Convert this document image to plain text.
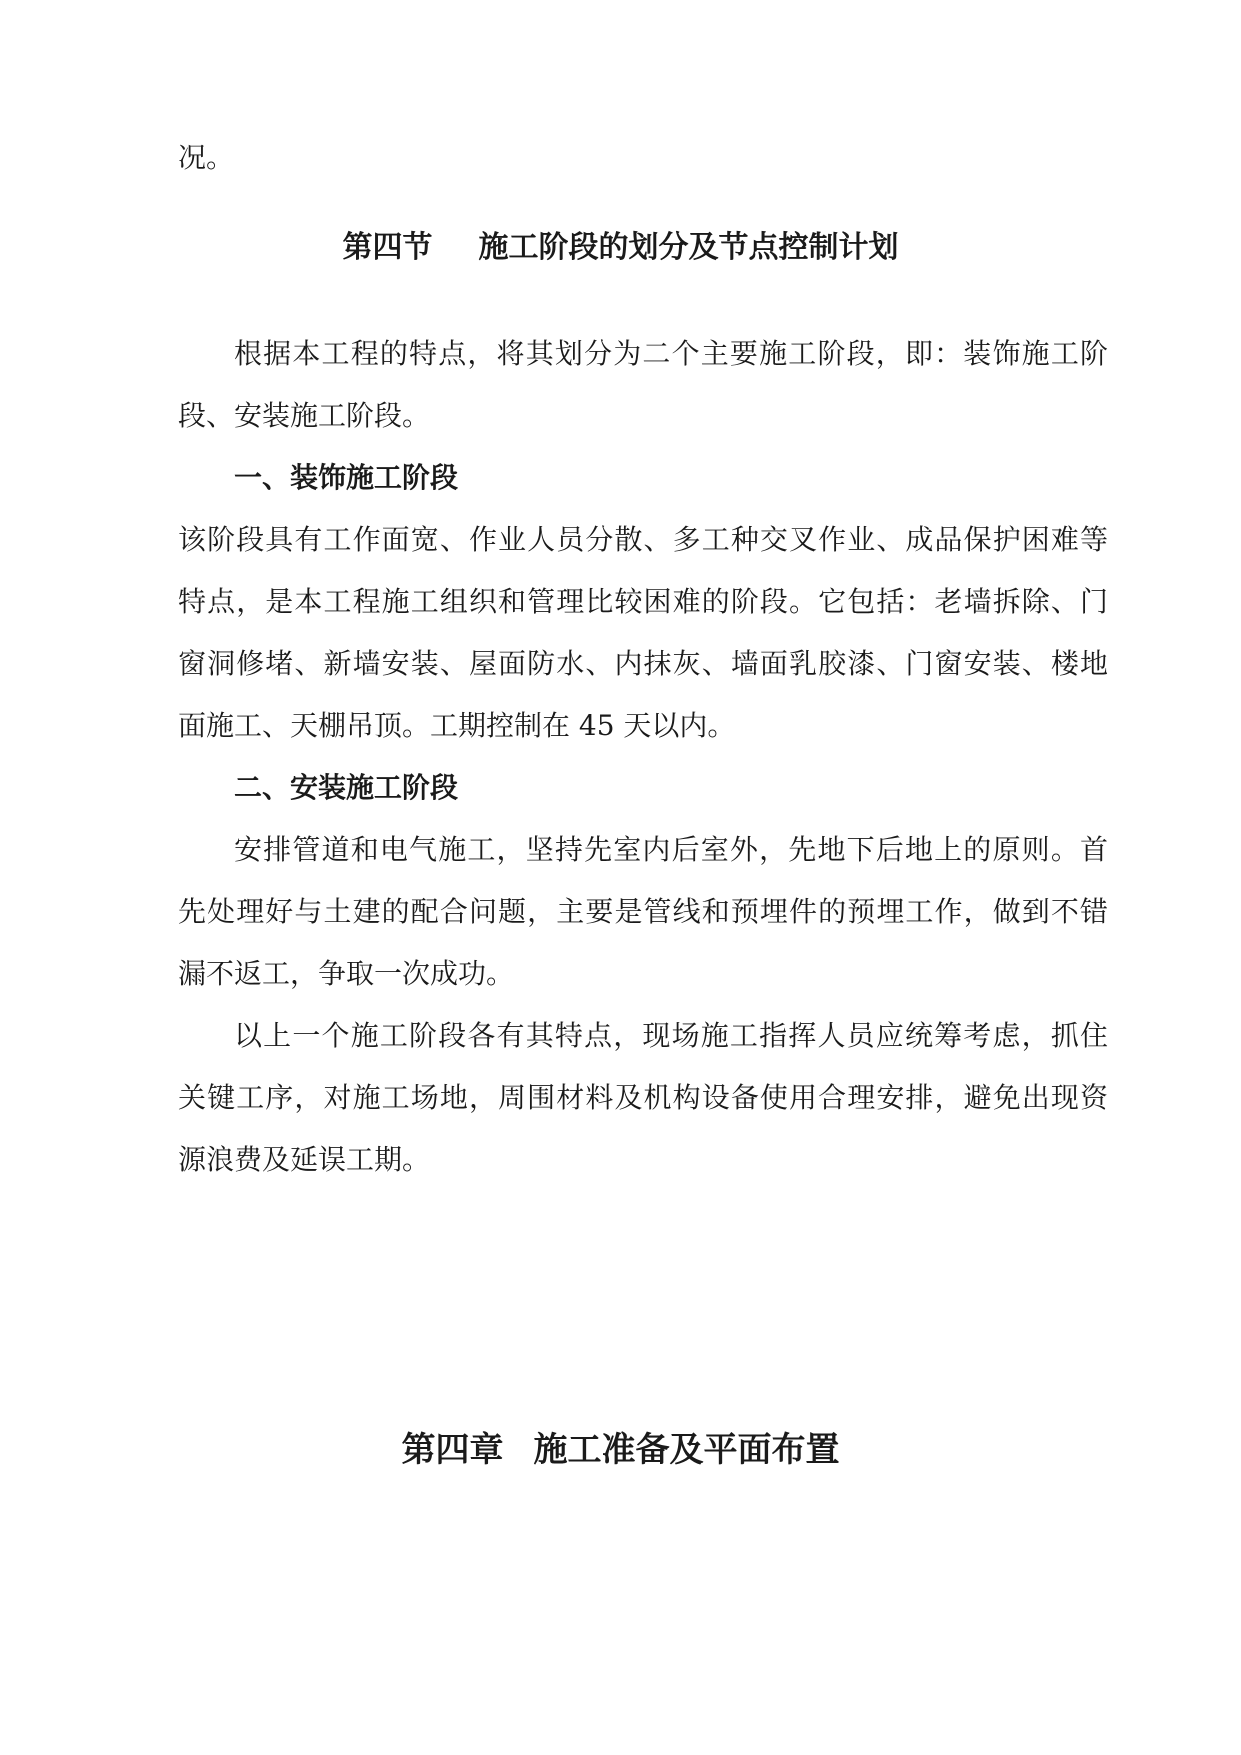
况。
第四节 施工阶段的划分及节点控制计划
根据本工程的特点，将其划分为二个主要施工阶段，即：装饰施工阶
段、安装施工阶段。
一、装饰施工阶段
该阶段具有工作面宽、作业人员分散、多工种交叉作业、成品保护困难等
特点，是本工程施工组织和管理比较困难的阶段。它包括：老墙拆除、门
窗洞修堵、新墙安装、屋面防水、内抹灰、墙面乳胶漆、门窗安装、楼地
面施工、天棚吊顶。工期控制在 45 天以内。
二、安装施工阶段
安排管道和电气施工，坚持先室内后室外，先地下后地上的原则。首
先处理好与土建的配合问题，主要是管线和预埋件的预埋工作，做到不错
漏不返工，争取一次成功。
以上一个施工阶段各有其特点，现场施工指挥人员应统筹考虑，抓住
关键工序，对施工场地，周围材料及机构设备使用合理安排，避免出现资
源浪费及延误工期。
第四章 施工准备及平面布置
